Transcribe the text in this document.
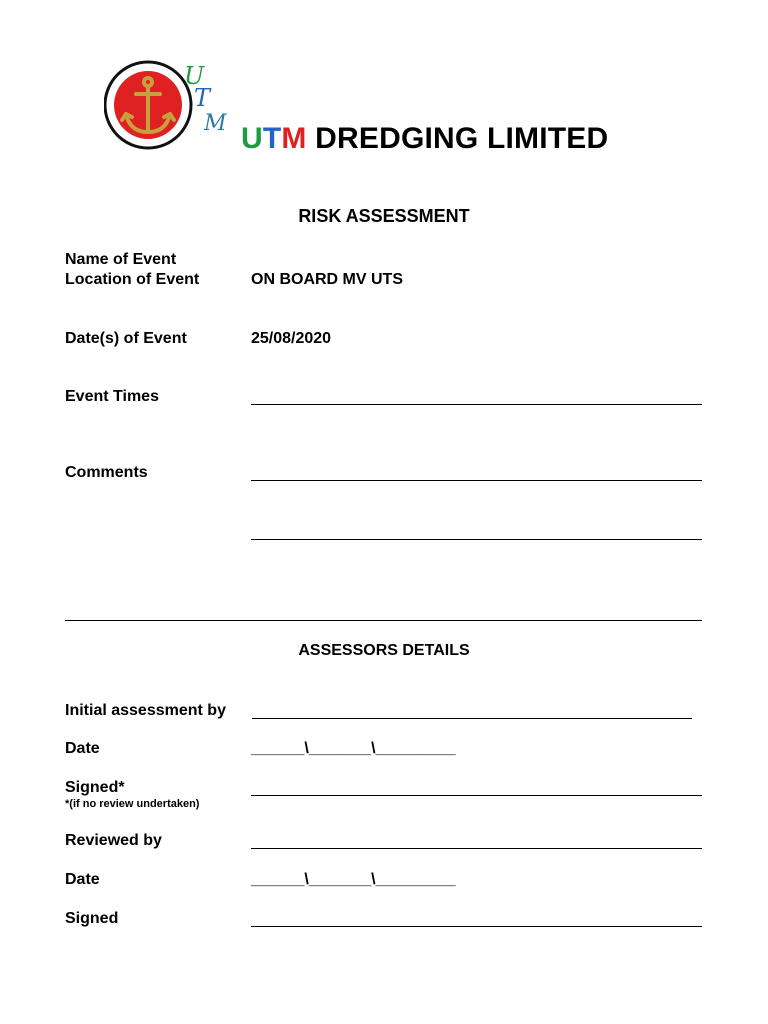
U
T
M UTM DREDGING LIMITED
RISK ASSESSMENT
Name of Event
Location of Event	ON BOARD MV UTS
Date(s) of Event	25/08/2020
Event Times
Comments
ASSESSORS DETAILS
Initial assessment by
Date	______\_______\_________
Signed*
*(if no review undertaken)
Reviewed by
Date	______\_______\_________
Signed
